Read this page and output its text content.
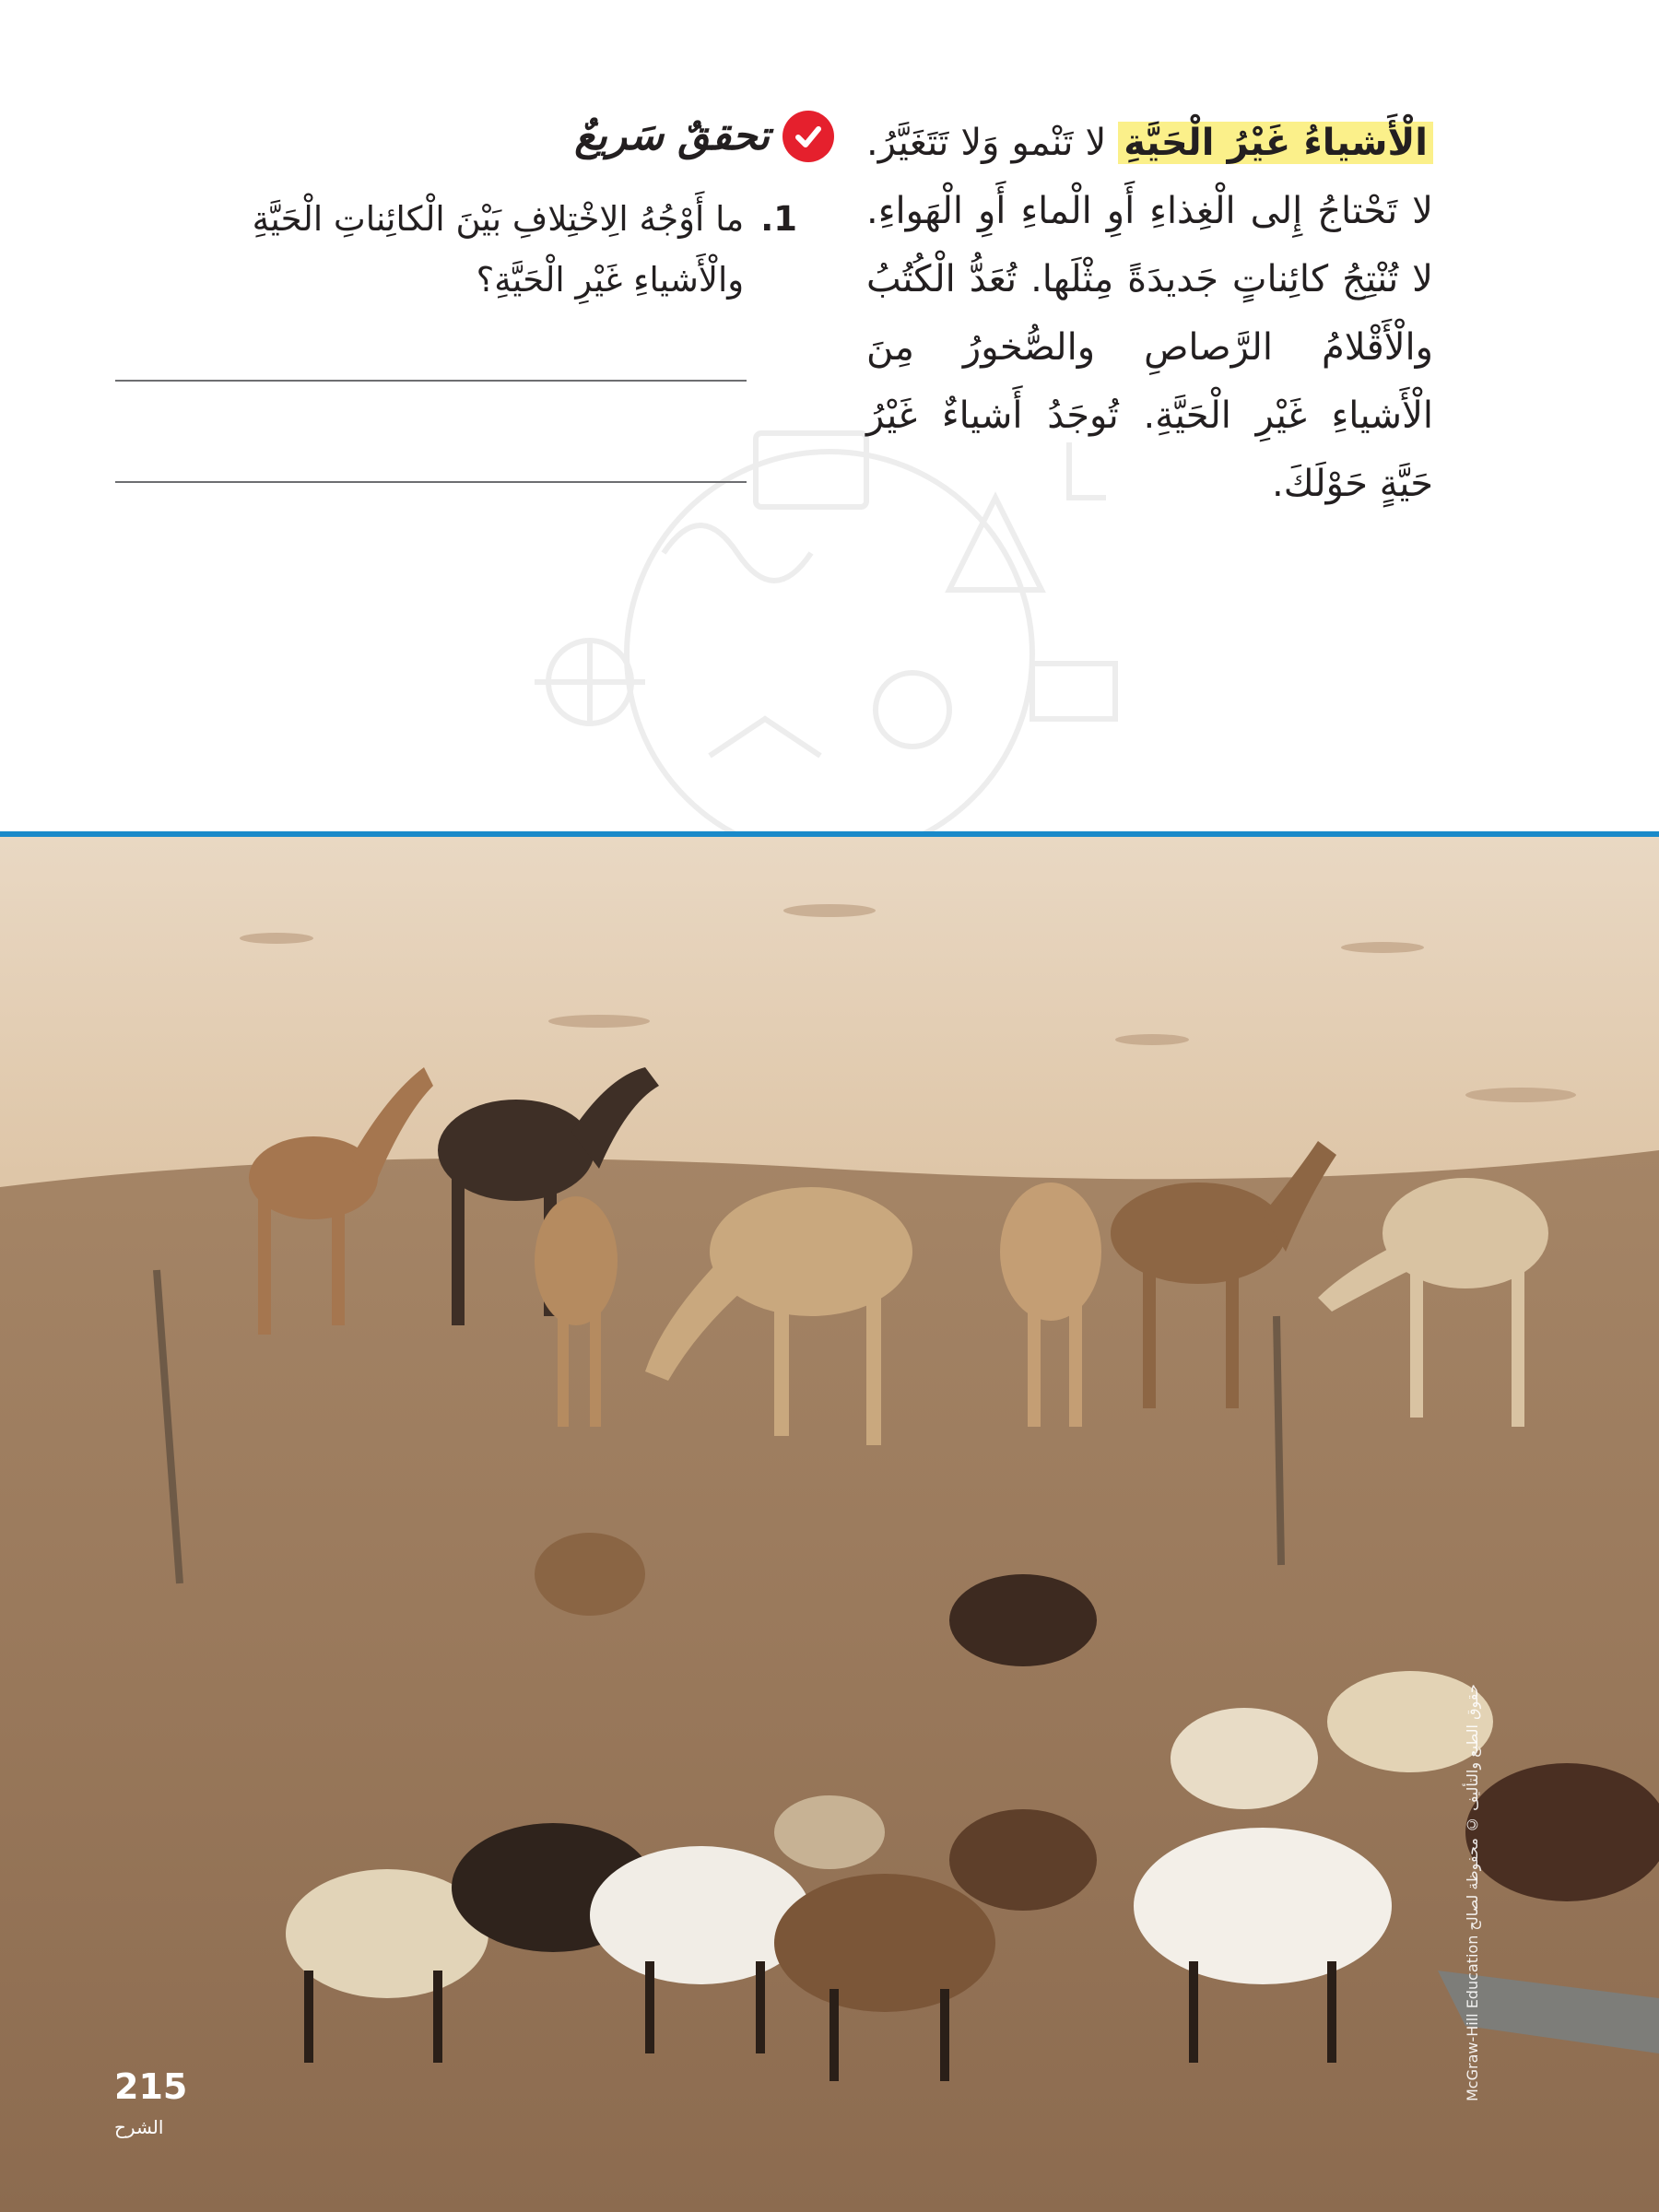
الْأَشياءُ غَيْرُ الْحَيَّةِ لا تَنْمو وَلا تَتَغَيَّرُ. لا تَحْتاجُ إِلى الْغِذاءِ أَوِ الْماءِ أَوِ الْهَواءِ. لا تُنْتِجُ كائِناتٍ جَديدَةً مِثْلَها. تُعَدُّ الْكُتُبُ والْأَقْلامُ الرَّصاصِ والصُّخورُ مِنَ الْأَشياءِ غَيْرِ الْحَيَّةِ. تُوجَدُ أَشياءٌ غَيْرُ حَيَّةٍ حَوْلَكَ.

تحققٌ سَريعٌ
1.

ما أَوْجُهُ الِاخْتِلافِ بَيْنَ الْكائِناتِ الْحَيَّةِ والْأَشياءِ غَيْرِ الْحَيَّةِ؟

McGraw-Hill Education حقوق الطبع والتأليف © محفوظة لصالح
215
الشرح
